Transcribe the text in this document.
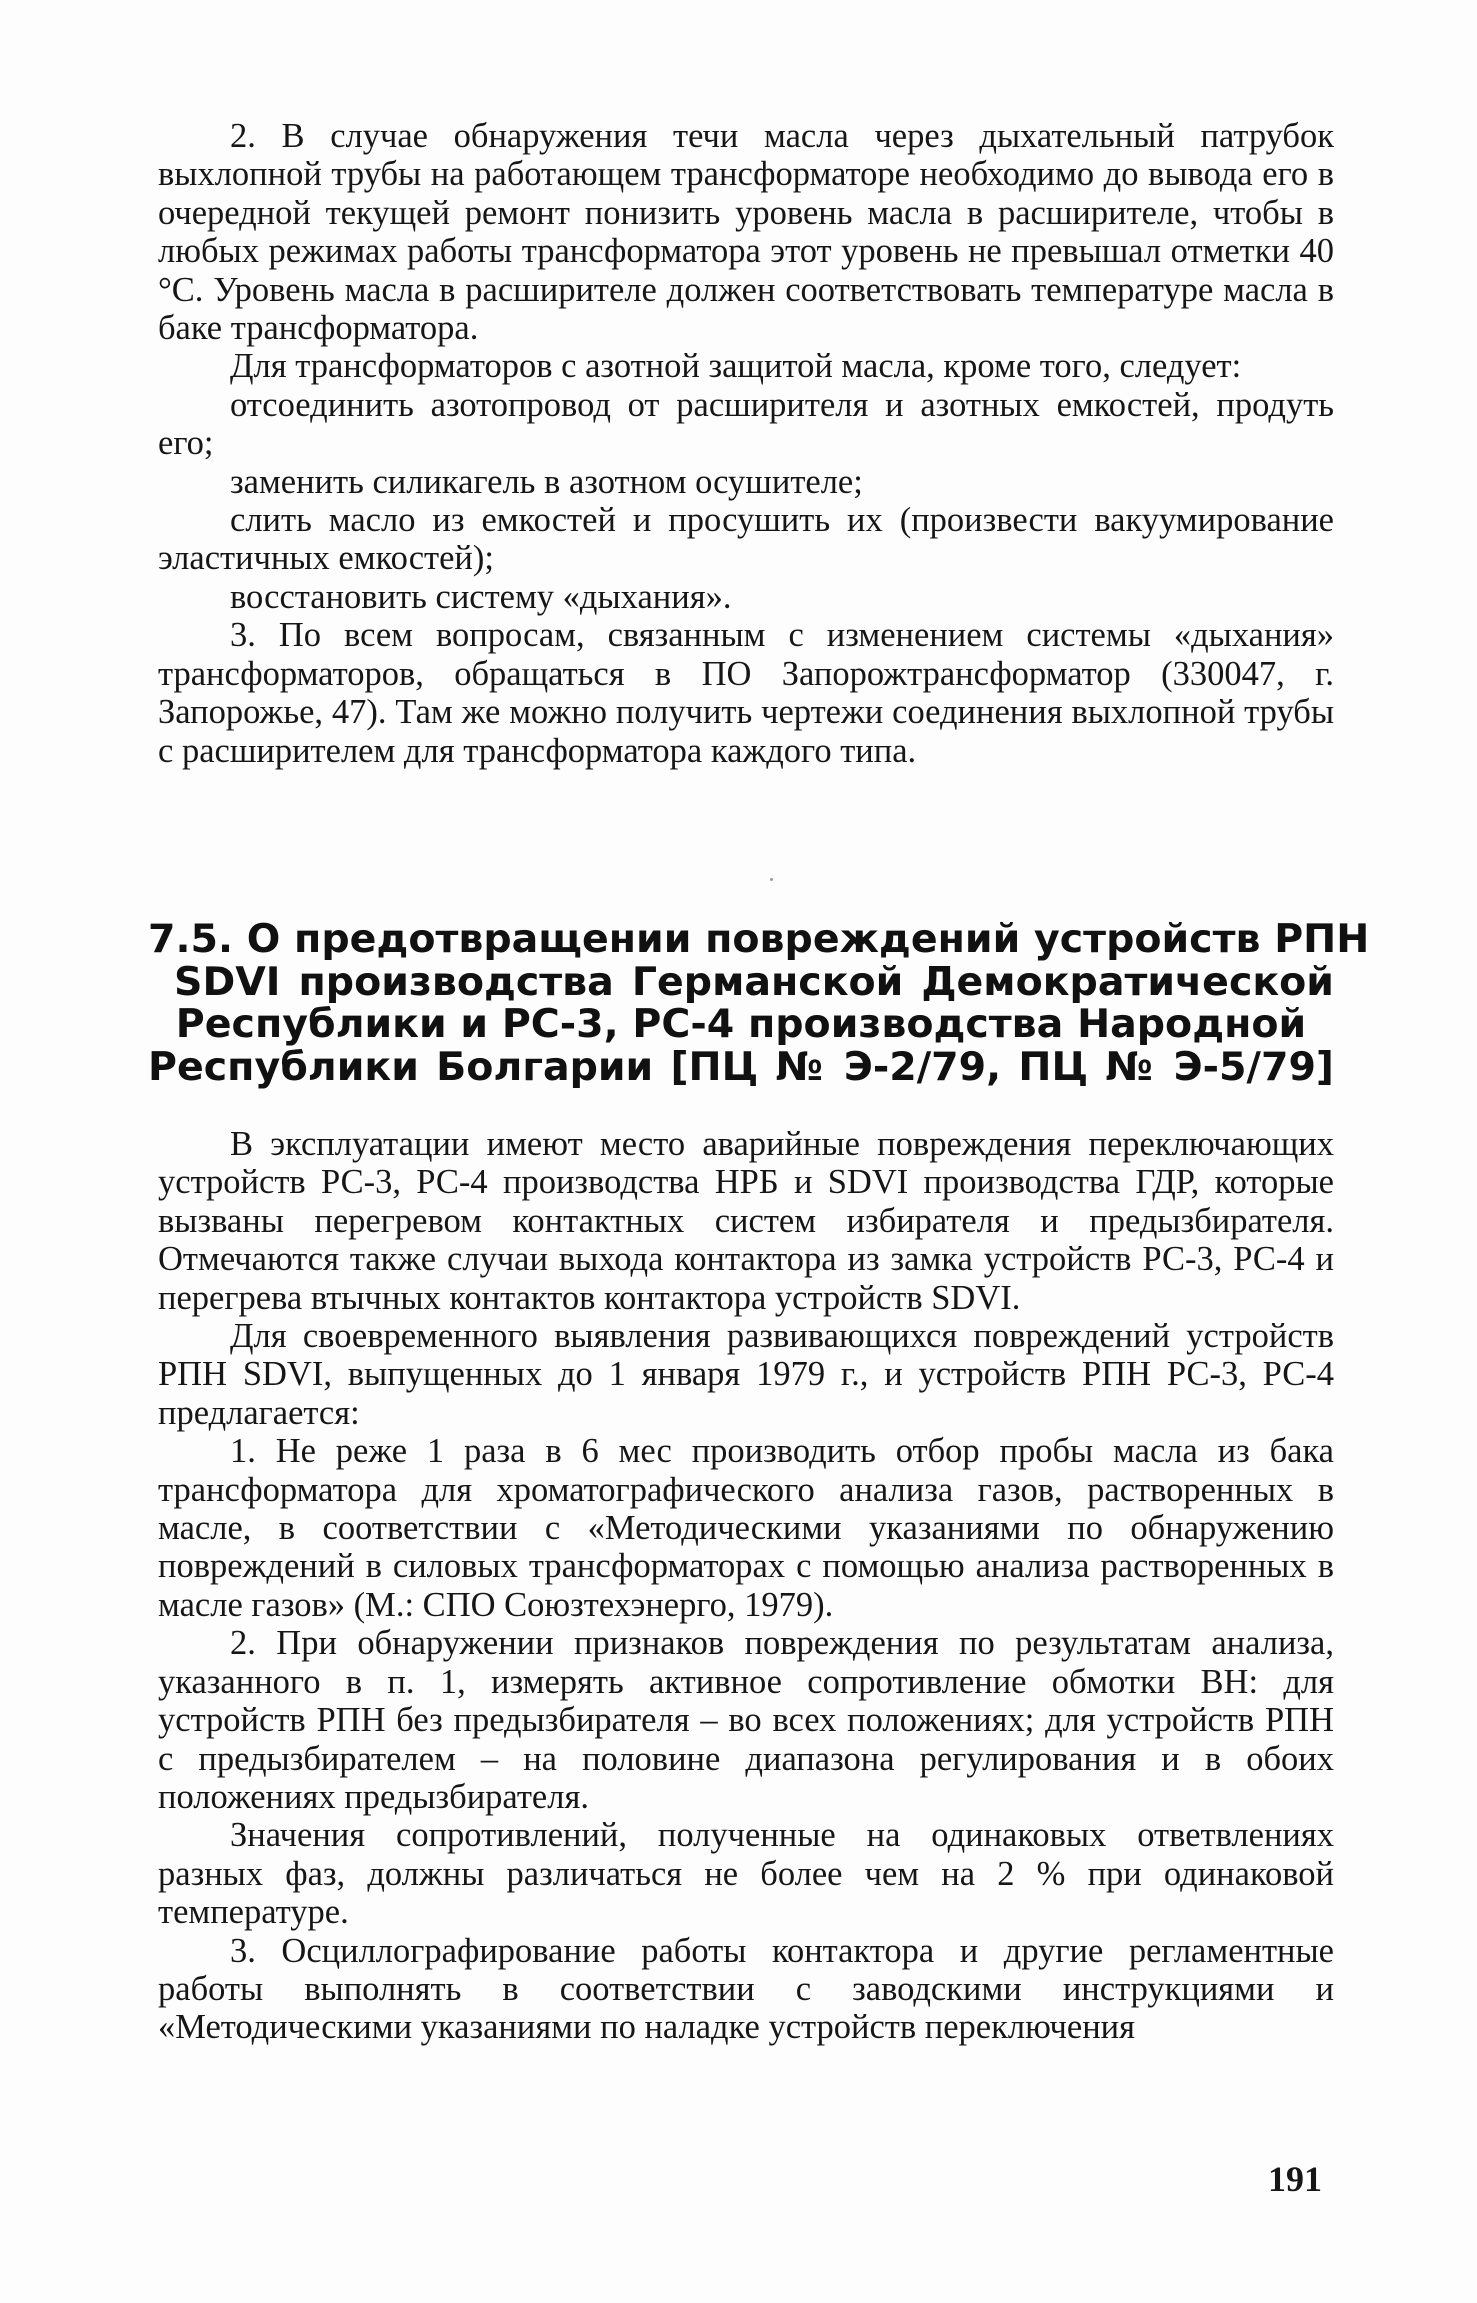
2. В случае обнаружения течи масла через дыхательный патрубок выхлопной трубы на работающем трансформаторе необходимо до вывода его в очередной текущей ремонт понизить уровень масла в расширителе, чтобы в любых режимах работы трансформатора этот уровень не превышал отметки 40 °C. Уровень масла в расширителе должен соответствовать температуре масла в баке трансформатора.

Для трансформаторов с азотной защитой масла, кроме того, следует:

отсоединить азотопровод от расширителя и азотных емкостей, продуть его;

заменить силикагель в азотном осушителе;

слить масло из емкостей и просушить их (произвести вакуумирование эластичных емкостей);

восстановить систему «дыхания».

3. По всем вопросам, связанным с изменением системы «дыхания» трансформаторов, обращаться в ПО Запорожтрансформатор (330047, г. Запорожье, 47). Там же можно получить чертежи соединения выхлопной трубы с расширителем для трансформатора каждого типа.

7.5. О предотвращении повреждений устройств РПН
SDVI производства Германской Демократической
Республики и РС-3, РС-4 производства Народной
Республики Болгарии [ПЦ № Э-2/79, ПЦ № Э-5/79]

В эксплуатации имеют место аварийные повреждения переключающих устройств РС-3, РС-4 производства НРБ и SDVI производства ГДР, которые вызваны перегревом контактных систем избирателя и предызбирателя. Отмечаются также случаи выхода контактора из замка устройств РС-3, РС-4 и перегрева втычных контактов контактора устройств SDVI.

Для своевременного выявления развивающихся повреждений устройств РПН SDVI, выпущенных до 1 января 1979 г., и устройств РПН РС-3, РС-4 предлагается:

1. Не реже 1 раза в 6 мес производить отбор пробы масла из бака трансформатора для хроматографического анализа газов, растворенных в масле, в соответствии с «Методическими указаниями по обнаружению повреждений в силовых трансформаторах с помощью анализа растворенных в масле газов» (М.: СПО Союзтехэнерго, 1979).

2. При обнаружении признаков повреждения по результатам анализа, указанного в п. 1, измерять активное сопротивление обмотки ВН: для устройств РПН без предызбирателя – во всех положениях; для устройств РПН с предызбирателем – на половине диапазона регулирования и в обоих положениях предызбирателя.

Значения сопротивлений, полученные на одинаковых ответвлениях разных фаз, должны различаться не более чем на 2 % при одинаковой температуре.

3. Осциллографирование работы контактора и другие регламентные работы выполнять в соответствии с заводскими инструкциями и «Методическими указаниями по наладке устройств переключения

191
